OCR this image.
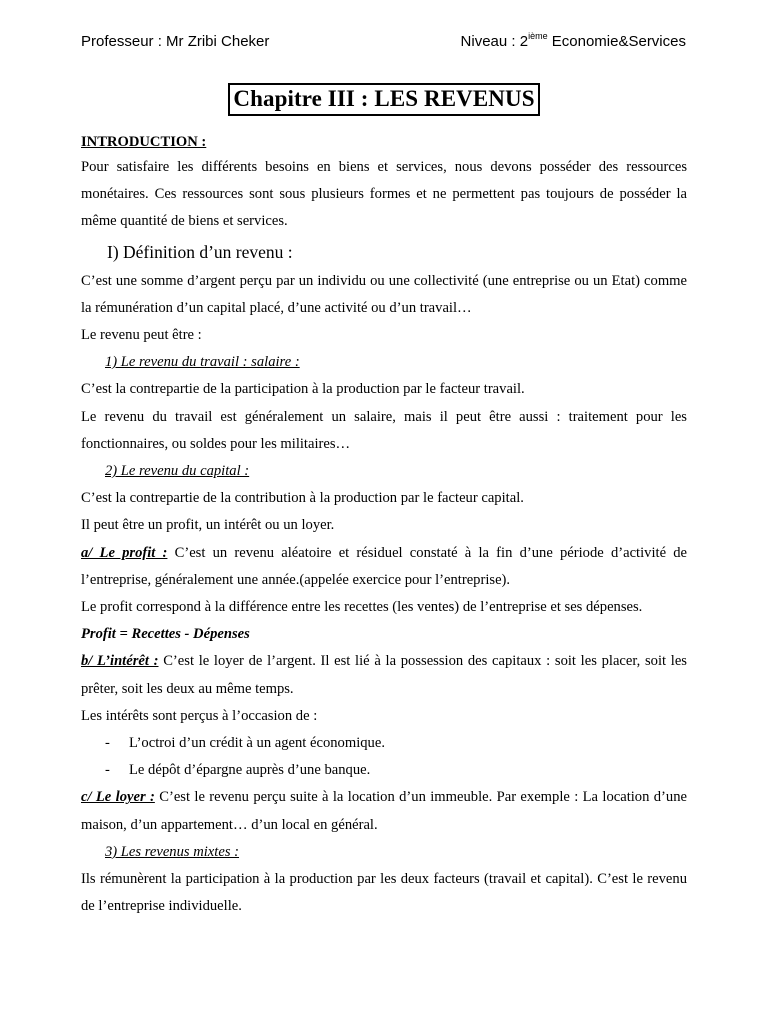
Professeur : Mr Zribi Cheker	Niveau : 2ième Economie&Services
Chapitre III : LES REVENUS

INTRODUCTION :

Pour satisfaire les différents besoins en biens et services, nous devons posséder des ressources monétaires. Ces ressources sont sous plusieurs formes et ne permettent pas toujours de posséder la même quantité de biens et services.

I) Définition d’un revenu :

C’est une somme d’argent perçu par un individu ou une collectivité (une entreprise ou un Etat) comme la rémunération d’un capital placé, d’une activité ou d’un travail…

Le revenu peut être :

1) Le revenu du travail : salaire :

C’est la contrepartie de la participation à la production par le facteur travail.

Le revenu du travail est généralement un salaire, mais il peut être aussi : traitement pour les fonctionnaires, ou soldes pour les militaires…

2) Le revenu du capital :

C’est la contrepartie de la contribution à la production par le facteur capital.

Il peut être un profit, un intérêt ou un loyer.

a/ Le profit : C’est un revenu aléatoire et résiduel constaté à la fin d’une période d’activité de l’entreprise, généralement une année.(appelée exercice pour l’entreprise).

Le profit correspond à la différence entre les recettes (les ventes) de l’entreprise et ses dépenses.

Profit = Recettes - Dépenses

b/ L’intérêt : C’est le loyer de l’argent. Il est lié à la possession des capitaux : soit les placer, soit les prêter, soit les deux au même temps.

Les intérêts sont perçus à l’occasion de :

- L’octroi d’un crédit à un agent économique.

- Le dépôt d’épargne auprès d’une banque.

c/ Le loyer : C’est le revenu perçu suite à la location d’un immeuble. Par exemple : La location d’une maison, d’un appartement… d’un local en général.

3) Les revenus mixtes :

Ils rémunèrent la participation à la production par les deux facteurs (travail et capital). C’est le revenu de l’entreprise individuelle.
